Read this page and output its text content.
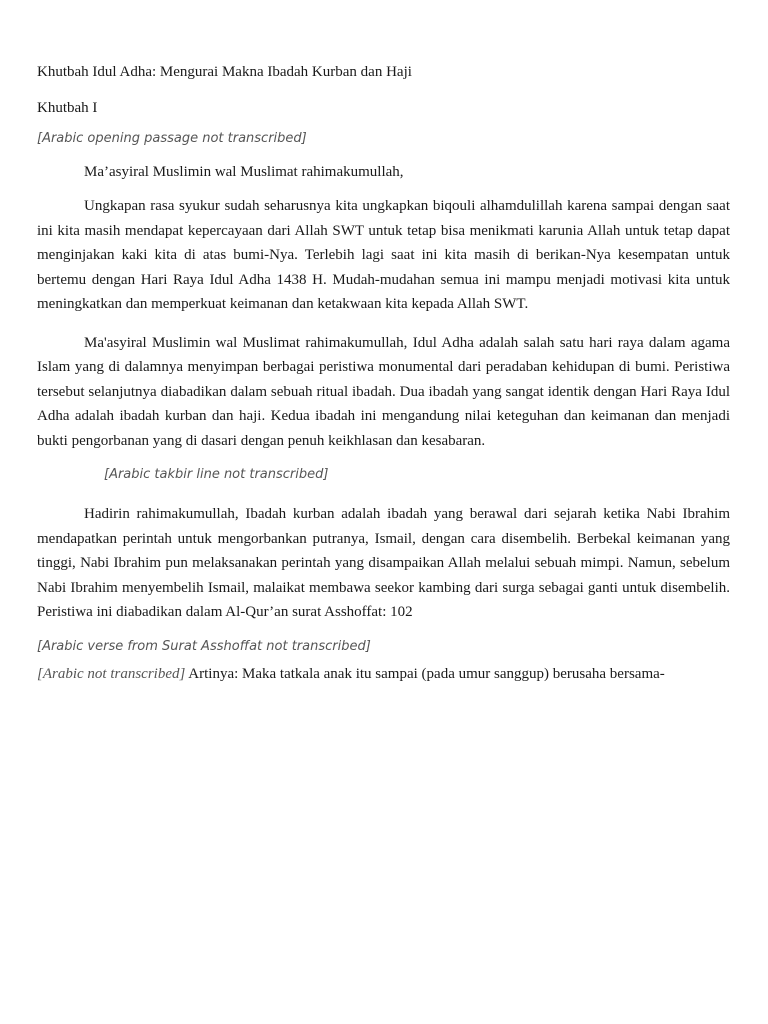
Khutbah Idul Adha: Mengurai Makna Ibadah Kurban dan Haji
Khutbah I
[Arabic opening passage not transcribed]
Ma’asyiral Muslimin wal Muslimat rahimakumullah,

Ungkapan rasa syukur sudah seharusnya kita ungkapkan biqouli alhamdulillah karena sampai dengan saat ini kita masih mendapat kepercayaan dari Allah SWT untuk tetap bisa menikmati karunia Allah untuk tetap dapat menginjakan kaki kita di atas bumi-Nya. Terlebih lagi saat ini kita masih di berikan-Nya kesempatan untuk bertemu dengan Hari Raya Idul Adha 1438 H. Mudah-mudahan semua ini mampu menjadi motivasi kita untuk meningkatkan dan memperkuat keimanan dan ketakwaan kita kepada Allah SWT.

Ma'asyiral Muslimin wal Muslimat rahimakumullah, Idul Adha adalah salah satu hari raya dalam agama Islam yang di dalamnya menyimpan berbagai peristiwa monumental dari peradaban kehidupan di bumi. Peristiwa tersebut selanjutnya diabadikan dalam sebuah ritual ibadah. Dua ibadah yang sangat identik dengan Hari Raya Idul Adha adalah ibadah kurban dan haji. Kedua ibadah ini mengandung nilai keteguhan dan keimanan dan menjadi bukti pengorbanan yang di dasari dengan penuh keikhlasan dan kesabaran.

[Arabic takbir line not transcribed]

Hadirin rahimakumullah, Ibadah kurban adalah ibadah yang berawal dari sejarah ketika Nabi Ibrahim mendapatkan perintah untuk mengorbankan putranya, Ismail, dengan cara disembelih. Berbekal keimanan yang tinggi, Nabi Ibrahim pun melaksanakan perintah yang disampaikan Allah melalui sebuah mimpi. Namun, sebelum Nabi Ibrahim menyembelih Ismail, malaikat membawa seekor kambing dari surga sebagai ganti untuk disembelih. Peristiwa ini diabadikan dalam Al-Qur’an surat Asshoffat: 102

[Arabic verse from Surat Asshoffat not transcribed]
[Arabic not transcribed] Artinya: Maka tatkala anak itu sampai (pada umur sanggup) berusaha bersama-
